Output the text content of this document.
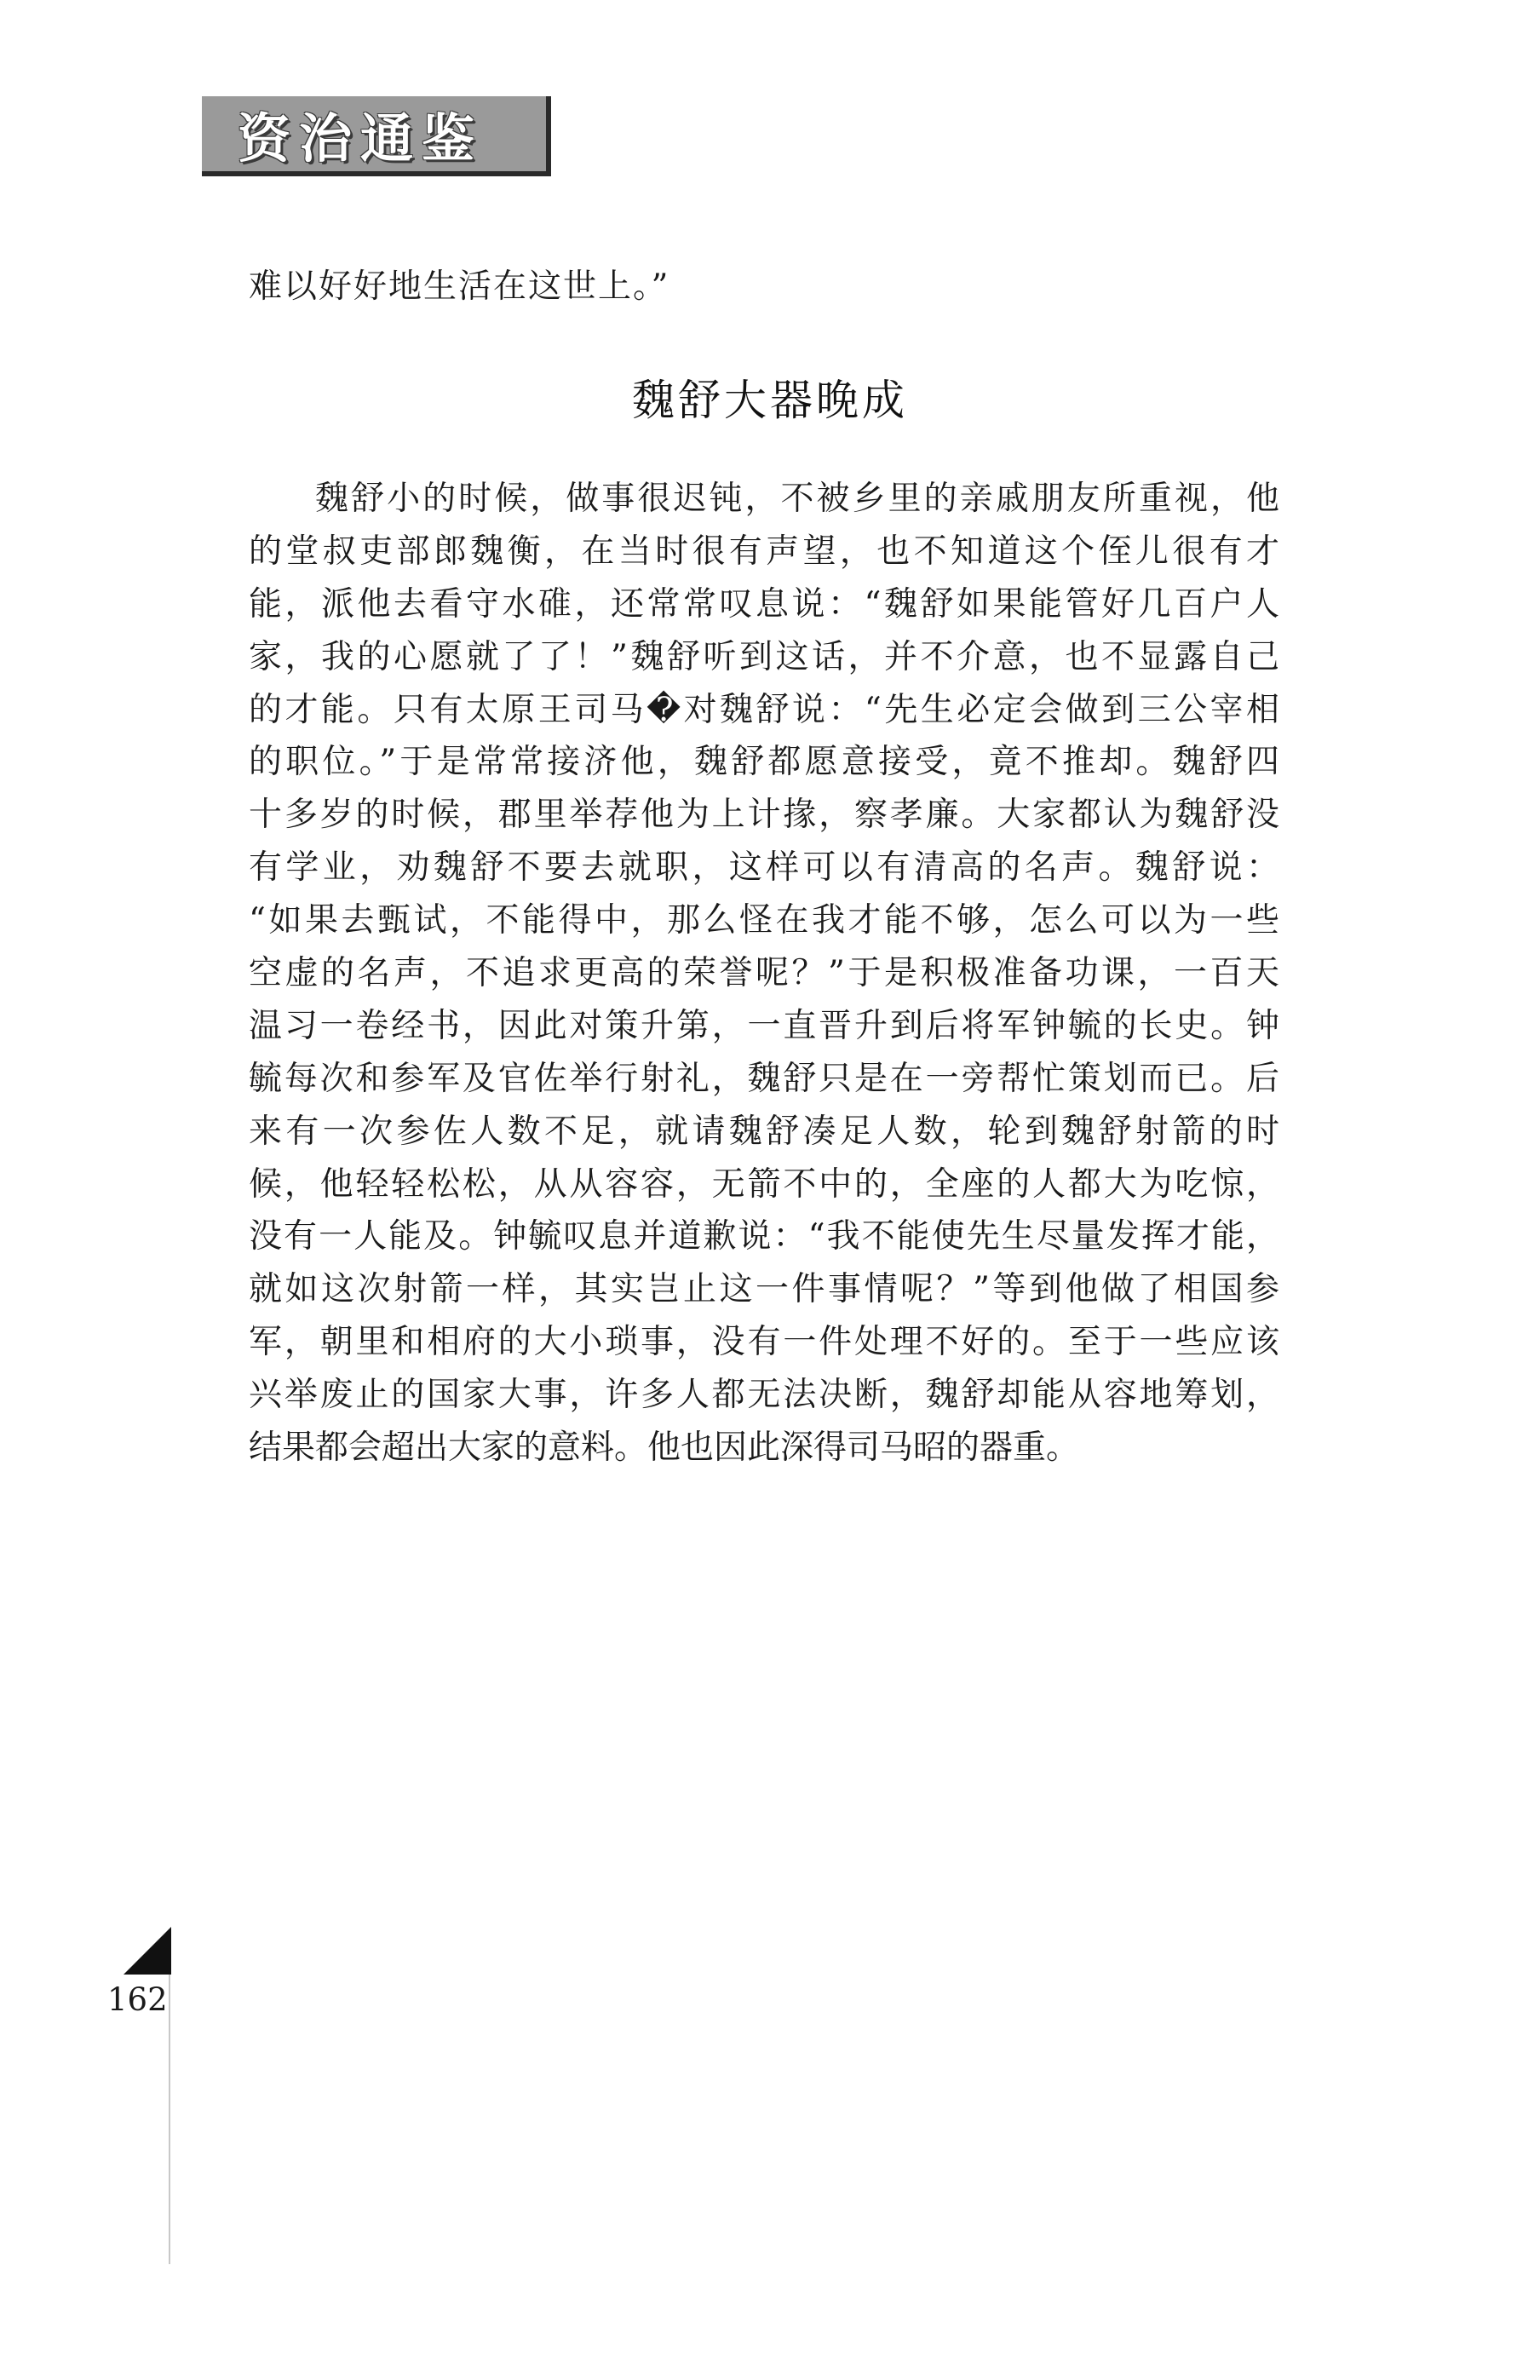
资治通鉴
难以好好地生活在这世上。”
魏舒大器晚成
魏舒小的时候，做事很迟钝，不被乡里的亲戚朋友所重视，他
的堂叔吏部郎魏衡，在当时很有声望，也不知道这个侄儿很有才
能，派他去看守水碓，还常常叹息说：“魏舒如果能管好几百户人
家，我的心愿就了了！”魏舒听到这话，并不介意，也不显露自己
的才能。只有太原王司马�对魏舒说：“先生必定会做到三公宰相
的职位。”于是常常接济他，魏舒都愿意接受，竟不推却。魏舒四
十多岁的时候，郡里举荐他为上计掾，察孝廉。大家都认为魏舒没
有学业，劝魏舒不要去就职，这样可以有清高的名声。魏舒说：
“如果去甄试，不能得中，那么怪在我才能不够，怎么可以为一些
空虚的名声，不追求更高的荣誉呢？”于是积极准备功课，一百天
温习一卷经书，因此对策升第，一直晋升到后将军钟毓的长史。钟
毓每次和参军及官佐举行射礼，魏舒只是在一旁帮忙策划而已。后
来有一次参佐人数不足，就请魏舒凑足人数，轮到魏舒射箭的时
候，他轻轻松松，从从容容，无箭不中的，全座的人都大为吃惊，
没有一人能及。钟毓叹息并道歉说：“我不能使先生尽量发挥才能，
就如这次射箭一样，其实岂止这一件事情呢？”等到他做了相国参
军，朝里和相府的大小琐事，没有一件处理不好的。至于一些应该
兴举废止的国家大事，许多人都无法决断，魏舒却能从容地筹划，
结果都会超出大家的意料。他也因此深得司马昭的器重。
162
